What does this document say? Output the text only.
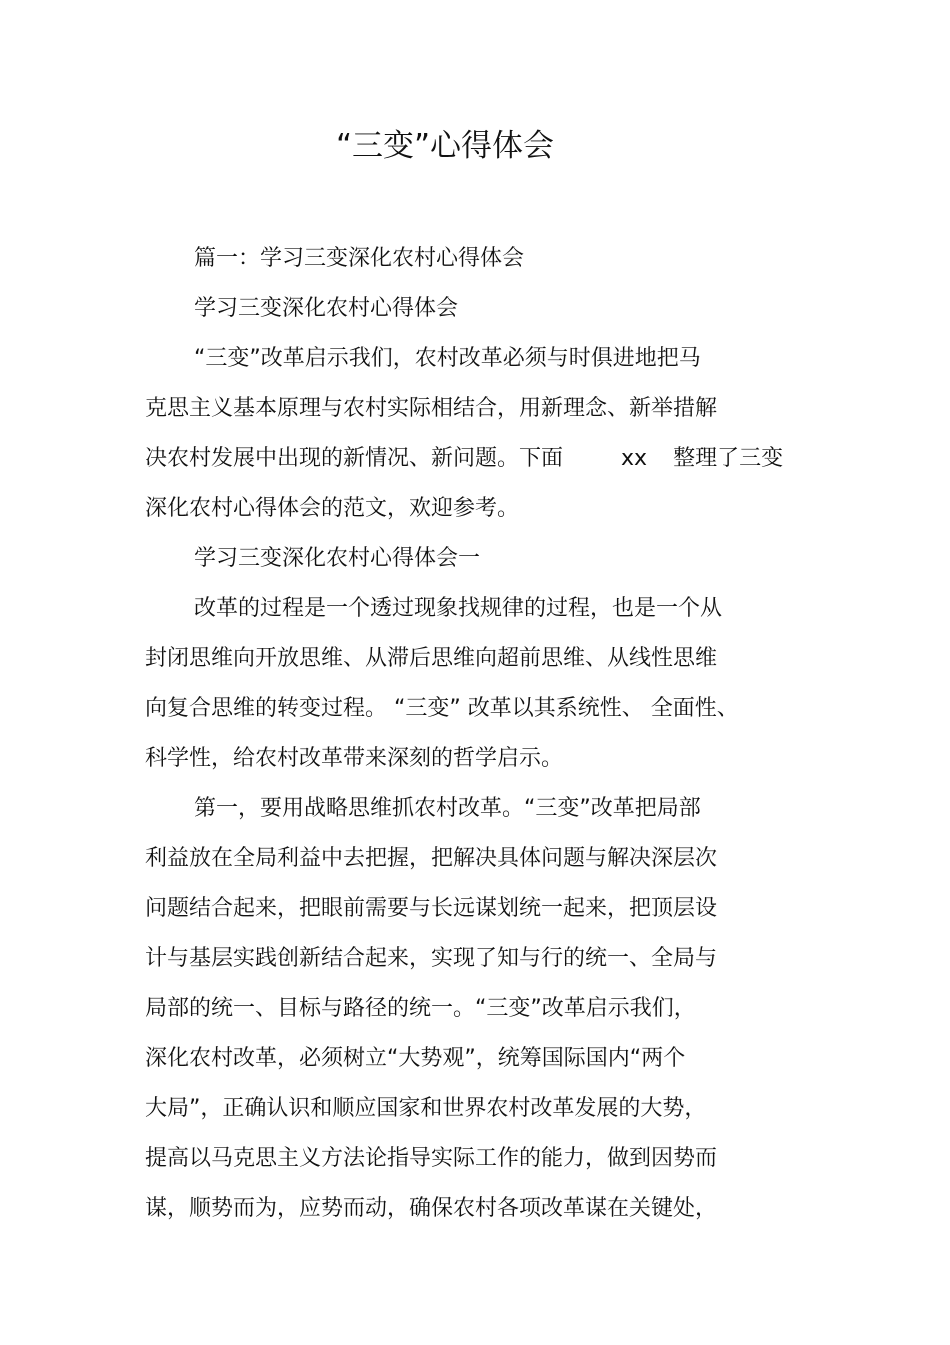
“三变”心得体会
篇一：学习三变深化农村心得体会
学习三变深化农村心得体会
“三变”改革启示我们，农村改革必须与时俱进地把马
克思主义基本原理与农村实际相结合，用新理念、新举措解
决农村发展中出现的新情况、新问题。下面	xx 整理了三变
深化农村心得体会的范文，欢迎参考。
学习三变深化农村心得体会一
改革的过程是一个透过现象找规律的过程，也是一个从
封闭思维向开放思维、从滞后思维向超前思维、从线性思维
向复合思维的转变过程。 “三变” 改革以其系统性、 全面性、
科学性，给农村改革带来深刻的哲学启示。
第一，要用战略思维抓农村改革。“三变”改革把局部
利益放在全局利益中去把握，把解决具体问题与解决深层次
问题结合起来，把眼前需要与长远谋划统一起来，把顶层设
计与基层实践创新结合起来，实现了知与行的统一、全局与
局部的统一、目标与路径的统一。“三变”改革启示我们，
深化农村改革，必须树立“大势观”，统筹国际国内“两个
大局”，正确认识和顺应国家和世界农村改革发展的大势，
提高以马克思主义方法论指导实际工作的能力，做到因势而
谋，顺势而为，应势而动，确保农村各项改革谋在关键处，
